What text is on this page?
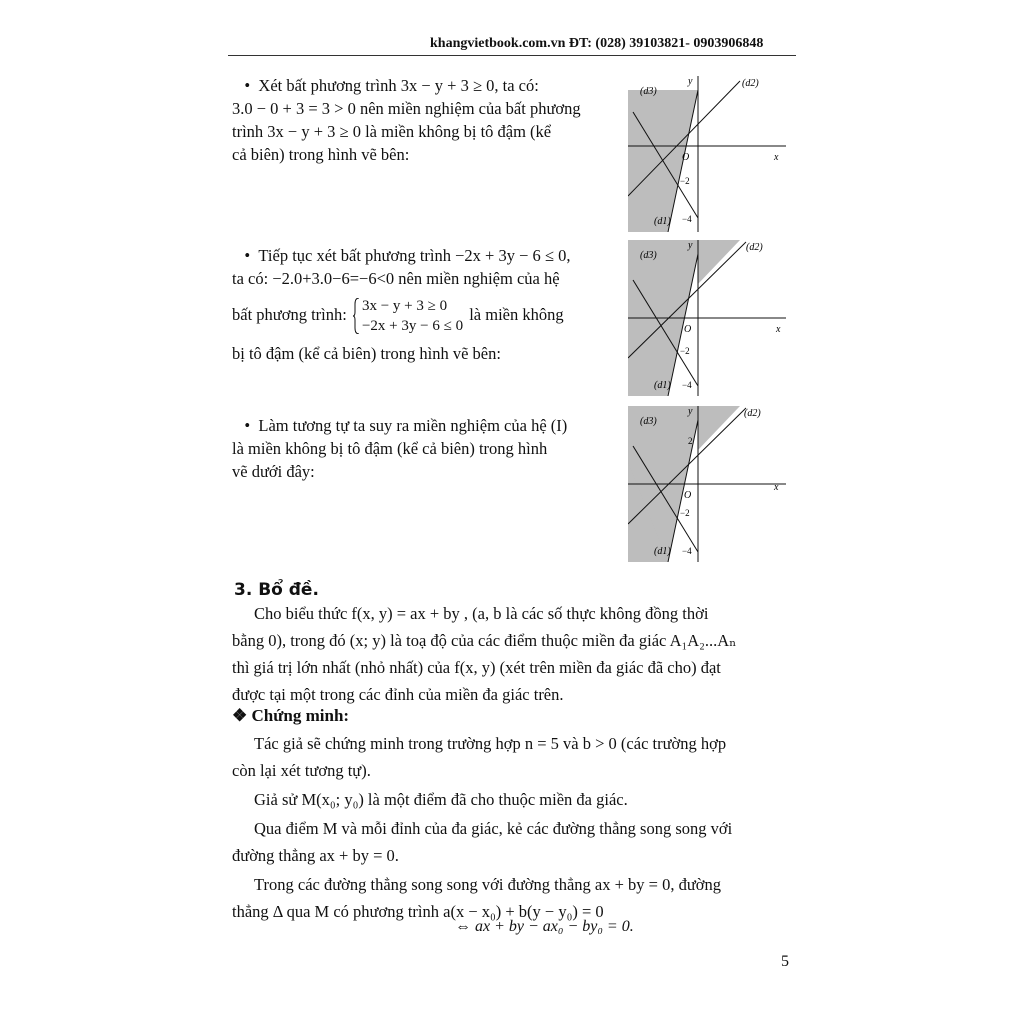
khangvietbook.com.vn ĐT: (028) 39103821- 0903906848
•  Xét bất phương trình 3x − y + 3 ≥ 0, ta có:
3.0 − 0 + 3 = 3 > 0 nên miền nghiệm của bất phương
trình 3x − y + 3 ≥ 0 là miền không bị tô đậm (kể
cả biên) trong hình vẽ bên:
•  Tiếp tục xét bất phương trình −2x + 3y − 6 ≤ 0,
ta có: −2.0+3.0−6=−6<0 nên miền nghiệm của hệ
bất phương trình: 3x − y + 3 ≥ 0
−2x + 3y − 6 ≤ 0
là miền không
bị tô đậm (kể cả biên) trong hình vẽ bên:
•  Làm tương tự ta suy ra miền nghiệm của hệ (I)
là miền không bị tô đậm (kể cả biên) trong hình
vẽ dưới đây:
(d3)
(d2)
(d1)
O	x
y
−2
−4
(d3)
(d2)
(d1)
O	x
y
−2
−4
(d3)
(d2)
(d1)
O
x
y
2
−2
−4
3. Bổ đề.
Cho biểu thức f(x, y) = ax + by , (a, b là các số thực không đồng thời
bằng 0), trong đó (x; y) là toạ độ của các điểm thuộc miền đa giác A₁A₂...Aₙ
thì giá trị lớn nhất (nhỏ nhất) của f(x, y) (xét trên miền đa giác đã cho) đạt
được tại một trong các đỉnh của miền đa giác trên.
❖ Chứng minh:
Tác giả sẽ chứng minh trong trường hợp n = 5 và b > 0 (các trường hợp
còn lại xét tương tự).
Giả sử M(x₀; y₀) là một điểm đã cho thuộc miền đa giác.
Qua điểm M và mỗi đỉnh của đa giác, kẻ các đường thẳng song song với
đường thẳng ax + by = 0.
Trong các đường thẳng song song với đường thẳng ax + by = 0, đường
thẳng Δ qua M có phương trình a(x − x₀) + b(y − y₀) = 0
⇔ ax + by − ax₀ − by₀ = 0.
5
